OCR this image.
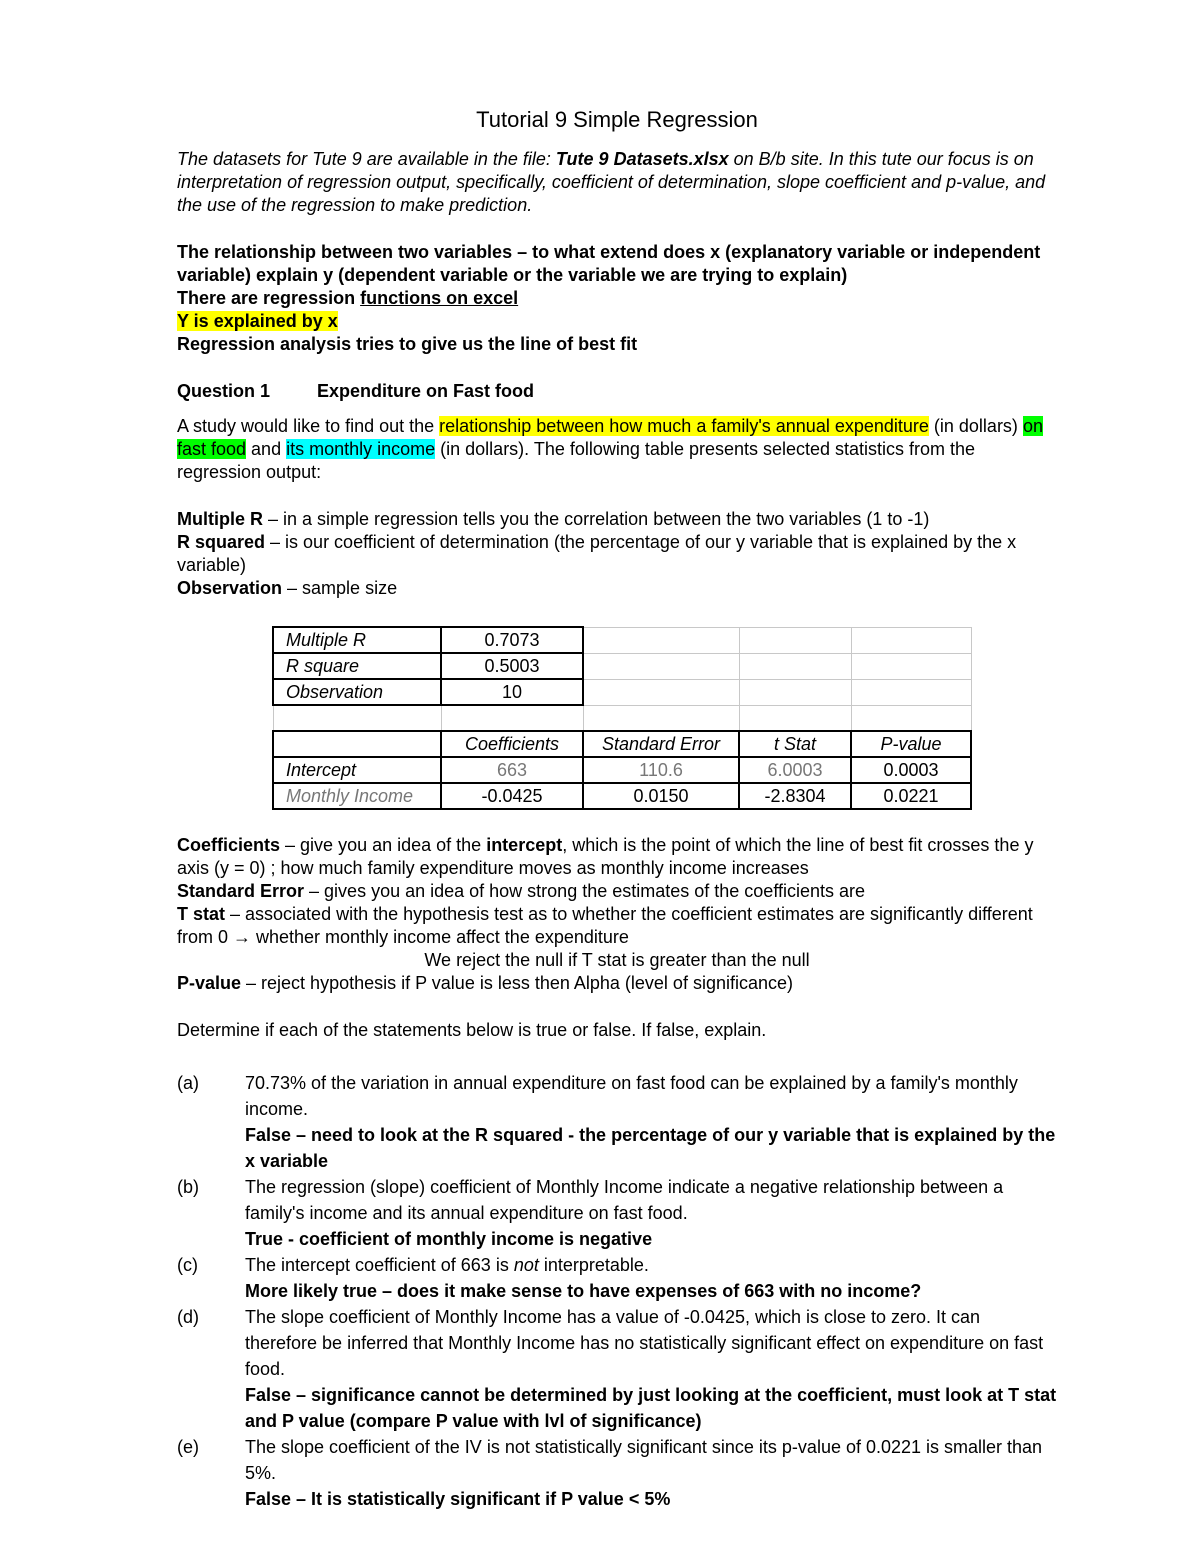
Tutorial 9 Simple Regression

The datasets for Tute 9 are available in the file: Tute 9 Datasets.xlsx on B/b site. In this tute our focus is on interpretation of regression output, specifically, coefficient of determination, slope coefficient and p-value, and the use of the regression to make prediction.

The relationship between two variables – to what extend does x (explanatory variable or independent variable) explain y (dependent variable or the variable we are trying to explain)

There are regression functions on excel

Y is explained by x

Regression analysis tries to give us the line of best fit

Question 1	Expenditure on Fast food

A study would like to find out the relationship between how much a family's annual expenditure (in dollars) on fast food and its monthly income (in dollars). The following table presents selected statistics from the regression output:

Multiple R – in a simple regression tells you the correlation between the two variables (1 to -1)

R squared – is our coefficient of determination (the percentage of our y variable that is explained by the x variable)

Observation – sample size

Multiple R	0.7073			
R square	0.5003			
Observation	10			

	Coefficients	Standard Error	t Stat	P-value
Intercept	663	110.6	6.0003	0.0003
Monthly Income	-0.0425	0.0150	-2.8304	0.0221

Coefficients – give you an idea of the intercept, which is the point of which the line of best fit crosses the y axis (y = 0) ; how much family expenditure moves as monthly income increases

Standard Error – gives you an idea of how strong the estimates of the coefficients are

T stat – associated with the hypothesis test as to whether the coefficient estimates are significantly different from 0 → whether monthly income affect the expenditure

We reject the null if T stat is greater than the null

P-value – reject hypothesis if P value is less then Alpha (level of significance)

Determine if each of the statements below is true or false. If false, explain.

(a)	70.73% of the variation in annual expenditure on fast food can be explained by a family's monthly income.
False – need to look at the R squared - the percentage of our y variable that is explained by the x variable
(b)	The regression (slope) coefficient of Monthly Income indicate a negative relationship between a family's income and its annual expenditure on fast food.
True - coefficient of monthly income is negative
(c)	The intercept coefficient of 663 is not interpretable.
More likely true – does it make sense to have expenses of 663 with no income?
(d)	The slope coefficient of Monthly Income has a value of -0.0425, which is close to zero. It can therefore be inferred that Monthly Income has no statistically significant effect on expenditure on fast food.
False – significance cannot be determined by just looking at the coefficient, must look at T stat and P value (compare P value with lvl of significance)
(e)	The slope coefficient of the IV is not statistically significant since its p-value of 0.0221 is smaller than 5%.
False – It is statistically significant if P value < 5%
